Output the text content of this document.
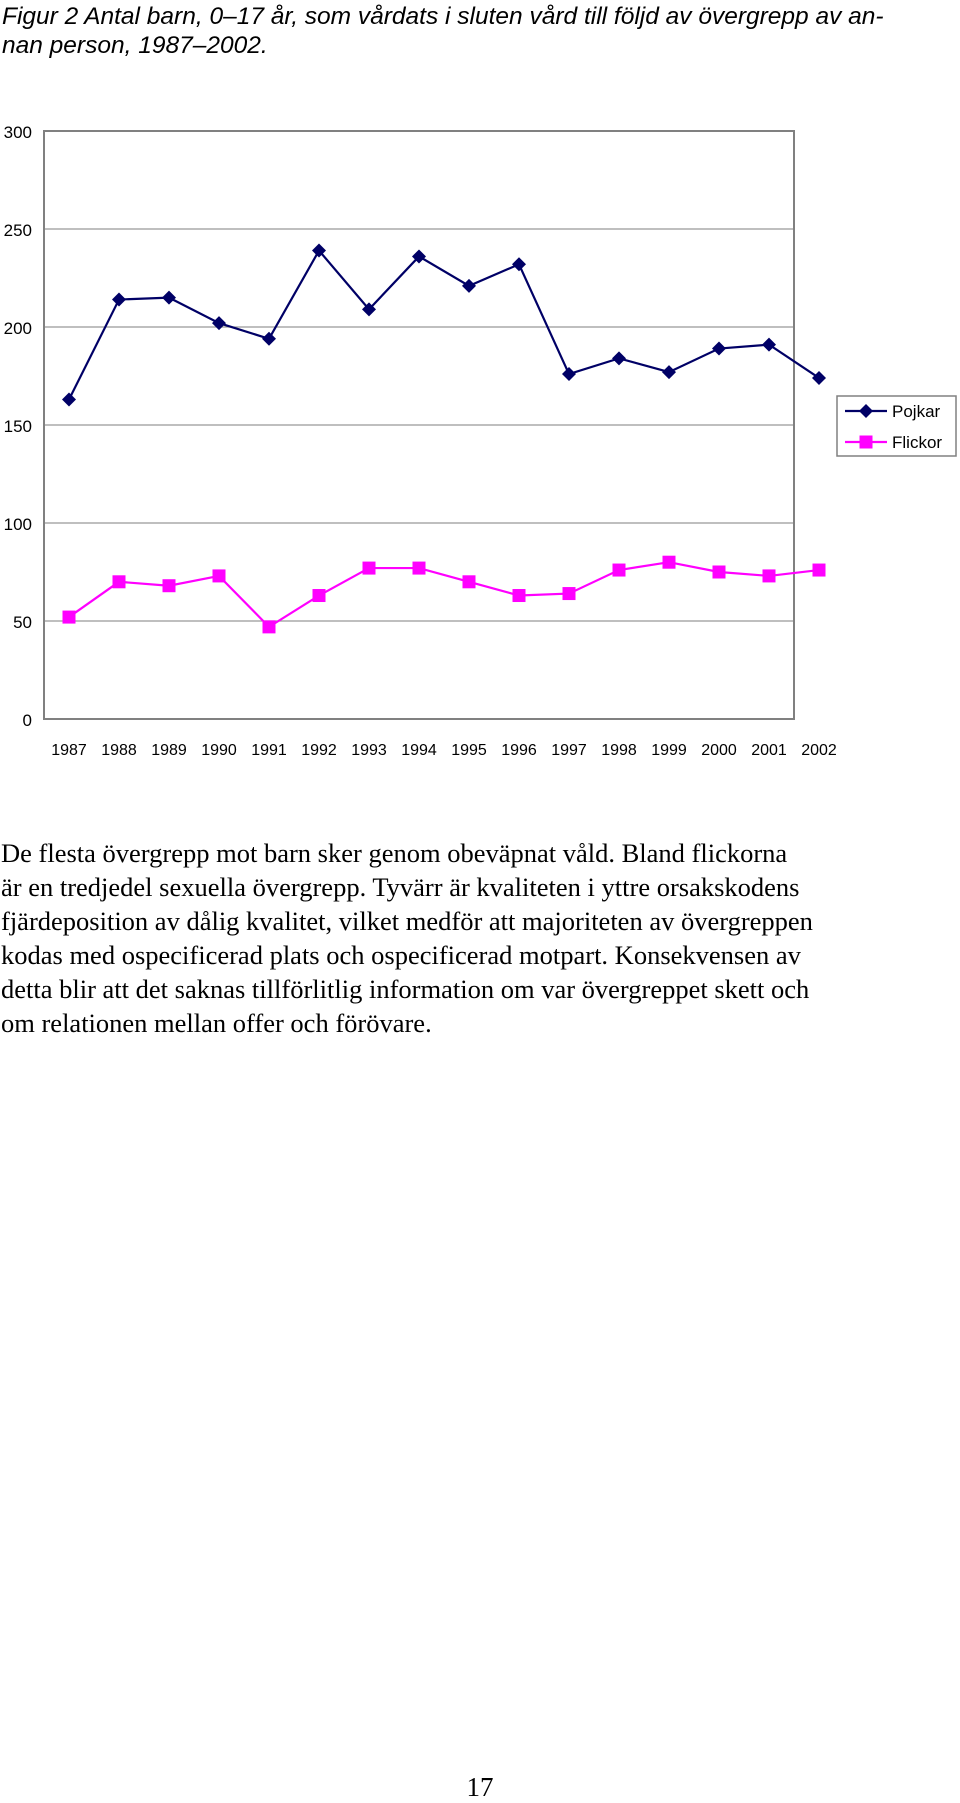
Figur 2 Antal barn, 0–17 år, som vårdats i sluten vård till följd av övergrepp av an-
nan person, 1987–2002.

0
50
100
150
200
250
300
1987 1988 1989 1990 1991 1992 1993 1994 1995 1996 1997 1998 1999 2000 2001 2002
Pojkar
Flickor

De flesta övergrepp mot barn sker genom obeväpnat våld. Bland flickorna
är en tredjedel sexuella övergrepp. Tyvärr är kvaliteten i yttre orsakskodens
fjärdeposition av dålig kvalitet, vilket medför att majoriteten av övergreppen
kodas med ospecificerad plats och ospecificerad motpart. Konsekvensen av
detta blir att det saknas tillförlitlig information om var övergreppet skett och
om relationen mellan offer och förövare.

17
